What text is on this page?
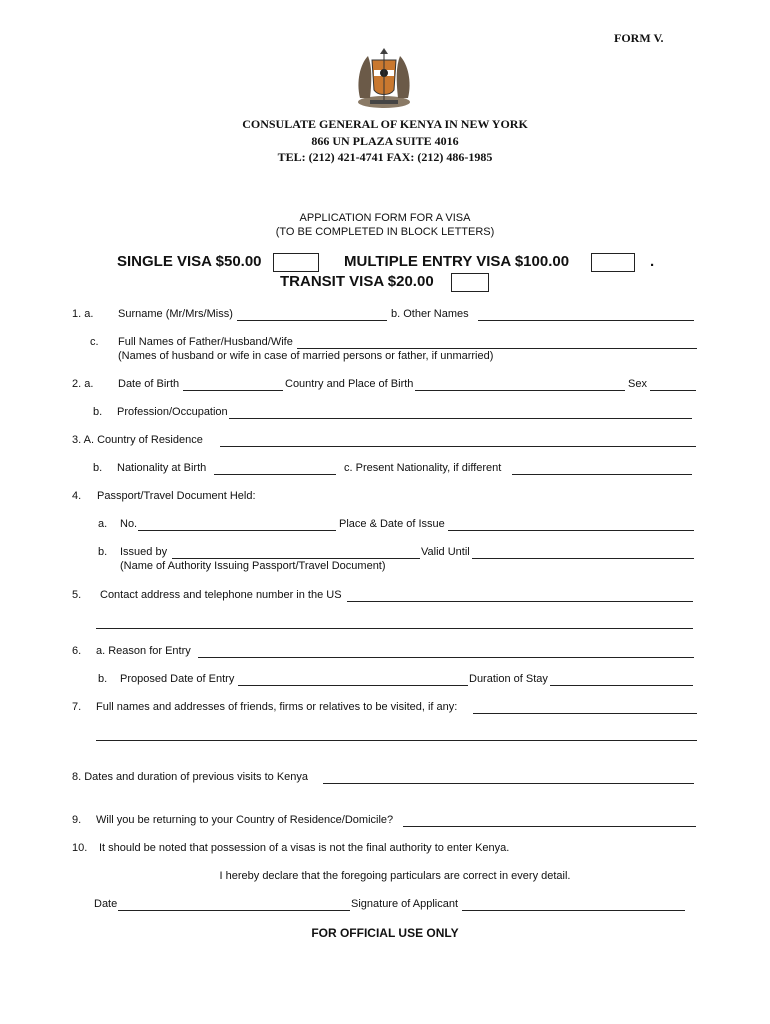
FORM V.
CONSULATE GENERAL OF KENYA IN NEW YORK
866 UN PLAZA SUITE 4016
TEL: (212) 421-4741 FAX: (212) 486-1985
APPLICATION FORM FOR A VISA
(TO BE COMPLETED IN BLOCK LETTERS)
SINGLE VISA $50.00	MULTIPLE ENTRY VISA $100.00	.
TRANSIT VISA $20.00
1. a. Surname (Mr/Mrs/Miss)	b. Other Names
c. Full Names of Father/Husband/Wife
(Names of husband or wife in case of married persons or father, if unmarried)
2. a. Date of Birth	Country and Place of Birth	Sex
b. Profession/Occupation
3. A. Country of Residence
b. Nationality at Birth	c. Present Nationality, if different
4. Passport/Travel Document Held:
a. No.	Place & Date of Issue
b. Issued by	Valid Until
(Name of Authority Issuing Passport/Travel Document)
5. Contact address and telephone number in the US
6. a. Reason for Entry
b. Proposed Date of Entry	Duration of Stay
7. Full names and addresses of friends, firms or relatives to be visited, if any:
8. Dates and duration of previous visits to Kenya
9. Will you be returning to your Country of Residence/Domicile?
10. It should be noted that possession of a visas is not the final authority to enter Kenya.
I hereby declare that the foregoing particulars are correct in every detail.
Date	Signature of Applicant
FOR OFFICIAL USE ONLY
